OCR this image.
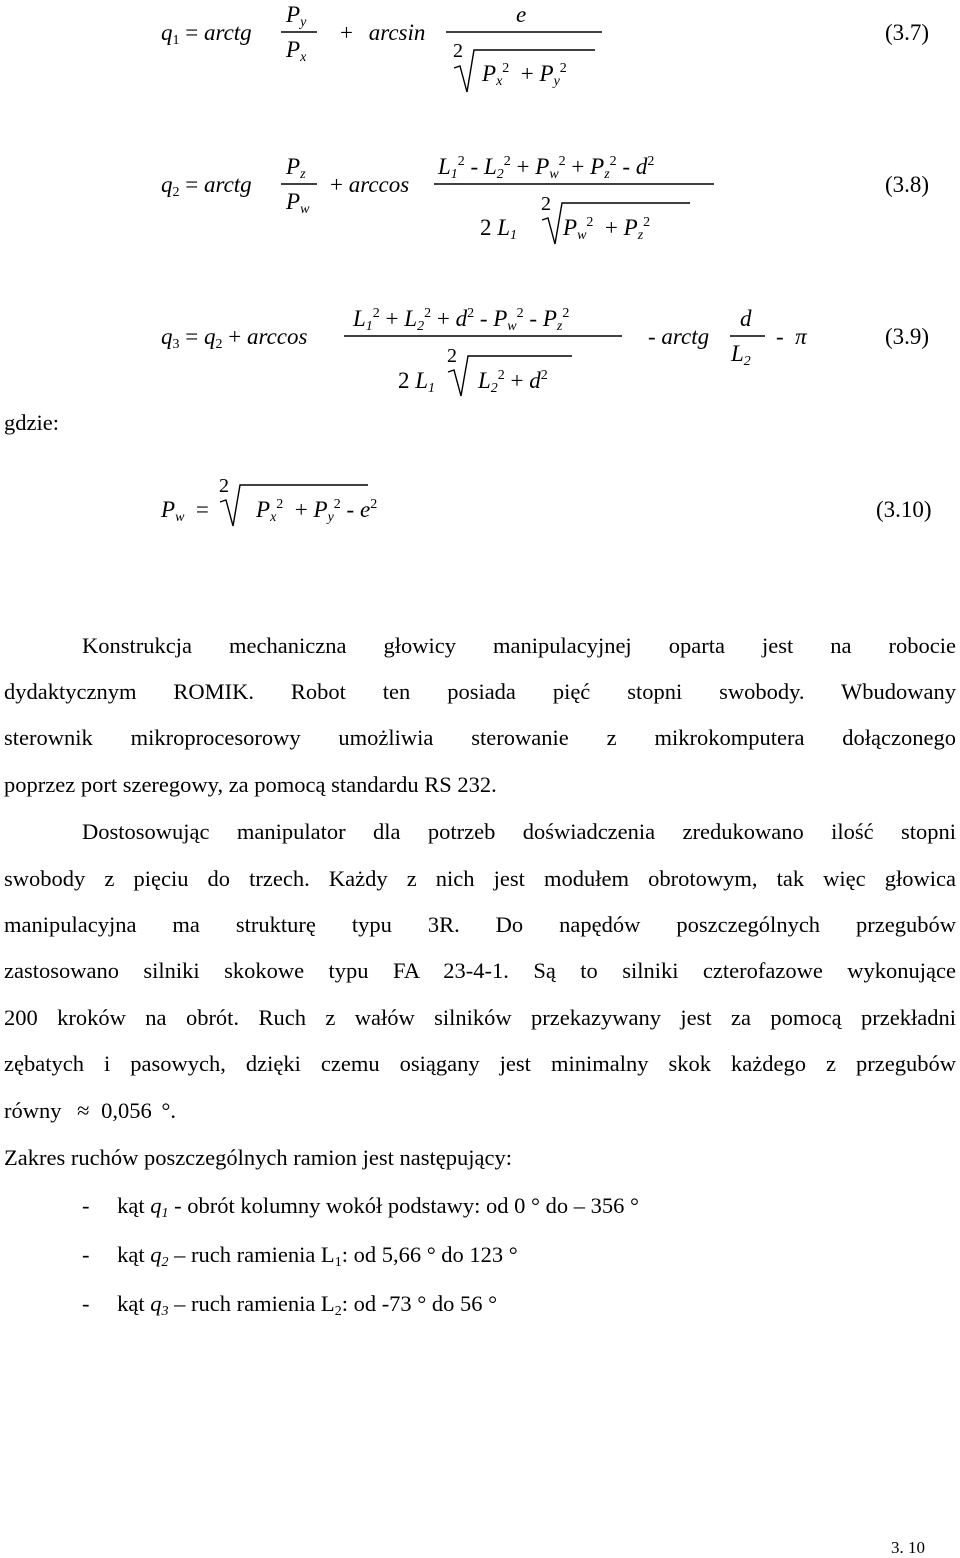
$q_1$ = arctg
$P_y$
$P_x$
+ arcsin
e
2
$P_x^2 + P_y^2$
(3.7)
$q_2$ = arctg
$P_z$
$P_w$
+ arccos
$L_1^2 - L_2^2 + P_w^2 + P_z^2 - d^2$
2 $L_1$
2
$P_w^2 + P_z^2$
(3.8)
$q_3 = q_2 + \arccos$
$L_1^2 + L_2^2 + d^2 - P_w^2 - P_z^2$
2 $L_1$
2
$L_2^2 + d^2$
- arctg
d
$L_2$
-  π	(3.9)
gdzie:
$P_w$  =
2
$P_x^2 + P_y^2 - e^2$	(3.10)
Konstrukcja mechaniczna głowicy manipulacyjnej oparta jest na robocie
dydaktycznym ROMIK. Robot ten posiada pięć stopni swobody. Wbudowany
sterownik mikroprocesorowy umożliwia sterowanie z mikrokomputera dołączonego
poprzez port szeregowy, za pomocą standardu RS 232.
Dostosowując manipulator dla potrzeb doświadczenia zredukowano ilość stopni
swobody z pięciu do trzech. Każdy z nich jest modułem obrotowym, tak więc głowica
manipulacyjna ma strukturę typu 3R. Do napędów poszczególnych przegubów
zastosowano silniki skokowe typu FA 23-4-1. Są to silniki czterofazowe wykonujące
200 kroków na obrót. Ruch z wałów silników przekazywany jest za pomocą przekładni
zębatych i pasowych, dzięki czemu osiągany jest minimalny skok każdego z przegubów
równy ≈ 0,056 °.
Zakres ruchów poszczególnych ramion jest następujący:
- kąt $q_1$ - obrót kolumny wokół podstawy: od 0 ° do – 356 °
- kąt $q_2$ – ruch ramienia $L_1$: od 5,66 ° do 123 °
- kąt $q_3$ – ruch ramienia $L_2$: od -73 ° do 56 °
3. 10
